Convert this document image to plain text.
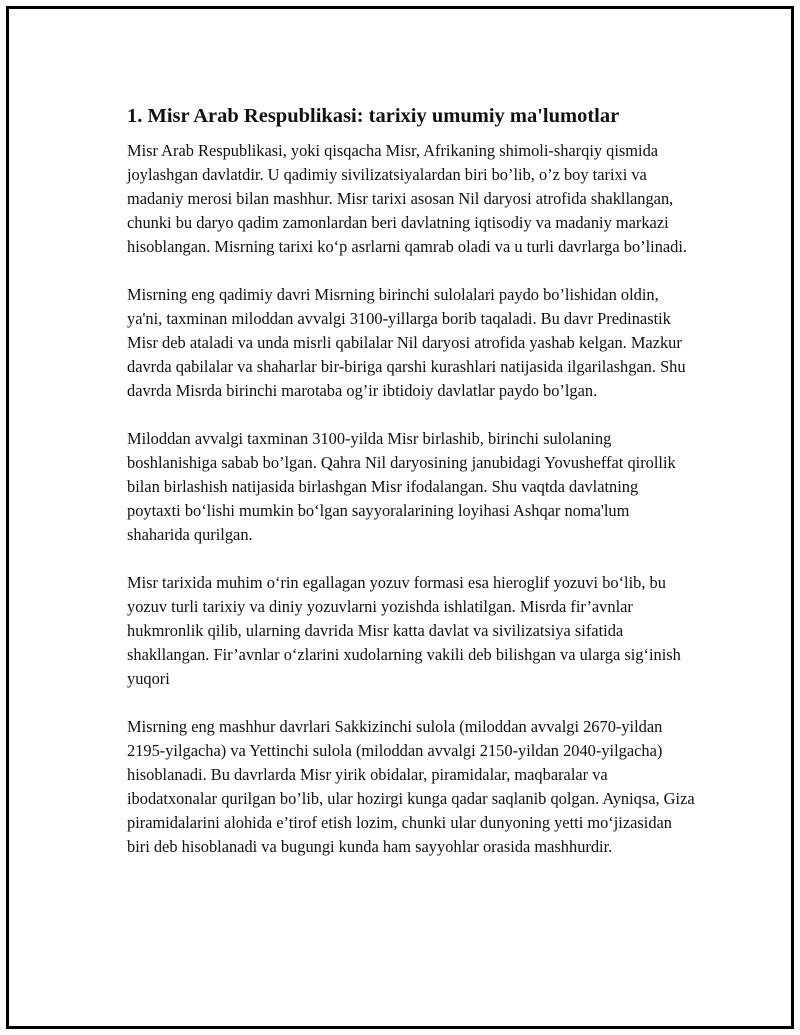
1. Misr Arab Respublikasi: tarixiy umumiy ma'lumotlar

Misr Arab Respublikasi, yoki qisqacha Misr, Afrikaning shimoli-sharqiy qismida joylashgan davlatdir. U qadimiy sivilizatsiyalardan biri bo’lib, o’z boy tarixi va madaniy merosi bilan mashhur. Misr tarixi asosan Nil daryosi atrofida shakllangan, chunki bu daryo qadim zamonlardan beri davlatning iqtisodiy va madaniy markazi hisoblangan. Misrning tarixi koʻp asrlarni qamrab oladi va u turli davrlarga bo’linadi.

Misrning eng qadimiy davri Misrning birinchi sulolalari paydo bo’lishidan oldin, ya'ni, taxminan miloddan avvalgi 3100-yillarga borib taqaladi. Bu davr Predinastik Misr deb ataladi va unda misrli qabilalar Nil daryosi atrofida yashab kelgan. Mazkur davrda qabilalar va shaharlar bir-biriga qarshi kurashlari natijasida ilgarilashgan. Shu davrda Misrda birinchi marotaba og’ir ibtidoiy davlatlar paydo bo’lgan.

Miloddan avvalgi taxminan 3100-yilda Misr birlashib, birinchi sulolaning boshlanishiga sabab bo’lgan. Qahra Nil daryosining janubidagi Yovusheffat qirollik bilan birlashish natijasida birlashgan Misr ifodalangan. Shu vaqtda davlatning poytaxti boʻlishi mumkin boʻlgan sayyoralarining loyihasi Ashqar noma'lum shaharida qurilgan.

Misr tarixida muhim oʻrin egallagan yozuv formasi esa hieroglif yozuvi boʻlib, bu yozuv turli tarixiy va diniy yozuvlarni yozishda ishlatilgan. Misrda fir’avnlar hukmronlik qilib, ularning davrida Misr katta davlat va sivilizatsiya sifatida shakllangan. Fir’avnlar oʻzlarini xudolarning vakili deb bilishgan va ularga sigʻinish yuqori

Misrning eng mashhur davrlari Sakkizinchi sulola (miloddan avvalgi 2670-yildan 2195-yilgacha) va Yettinchi sulola (miloddan avvalgi 2150-yildan 2040-yilgacha) hisoblanadi. Bu davrlarda Misr yirik obidalar, piramidalar, maqbaralar va ibodatxonalar qurilgan bo’lib, ular hozirgi kunga qadar saqlanib qolgan. Ayniqsa, Giza piramidalarini alohida e’tirof etish lozim, chunki ular dunyoning yetti moʻjizasidan biri deb hisoblanadi va bugungi kunda ham sayyohlar orasida mashhurdir.
